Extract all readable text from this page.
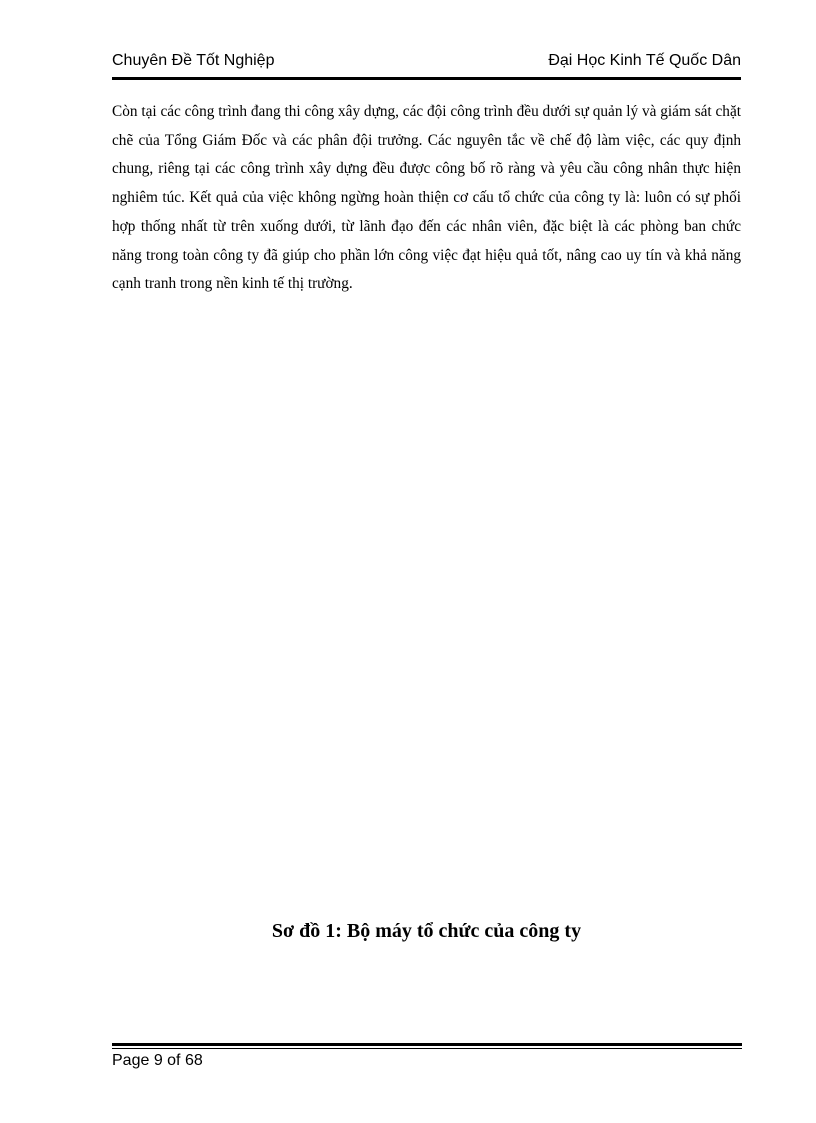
Chuyên Đề Tốt Nghiệp	Đại Học Kinh Tế Quốc Dân

Còn tại các công trình đang thi công xây dựng, các đội công trình đều dưới sự quản lý và giám sát chặt chẽ của Tổng Giám Đốc và các phân đội trưởng. Các nguyên tắc về chế độ làm việc, các quy định chung, riêng tại các công trình xây dựng đều được công bố rõ ràng và yêu cầu công nhân thực hiện nghiêm túc. Kết quả của việc không ngừng hoàn thiện cơ cấu tổ chức của công ty là: luôn có sự phối hợp thống nhất từ trên xuống dưới, từ lãnh đạo đến các nhân viên, đặc biệt là các phòng ban chức năng trong toàn công ty đã giúp cho phần lớn công việc đạt hiệu quả tốt, nâng cao uy tín và khả năng cạnh tranh trong nền kinh tế thị trường.

Sơ đồ 1: Bộ máy tổ chức của công ty
Page 9 of 68
